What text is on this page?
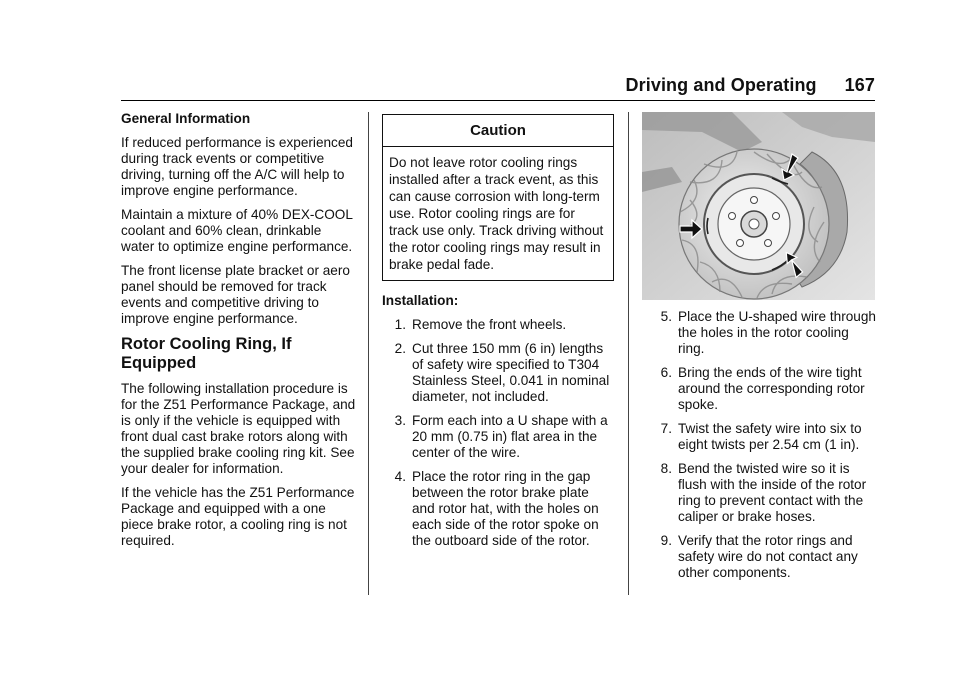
Driving and Operating 167
General Information

If reduced performance is experienced during track events or competitive driving, turning off the A/C will help to improve engine performance.

Maintain a mixture of 40% DEX-COOL coolant and 60% clean, drinkable water to optimize engine performance.

The front license plate bracket or aero panel should be removed for track events and competitive driving to improve engine performance.

Rotor Cooling Ring, If Equipped

The following installation procedure is for the Z51 Performance Package, and is only if the vehicle is equipped with front dual cast brake rotors along with the supplied brake cooling ring kit. See your dealer for information.

If the vehicle has the Z51 Performance Package and equipped with a one piece brake rotor, a cooling ring is not required.

Caution
Do not leave rotor cooling rings installed after a track event, as this can cause corrosion with long-term use. Rotor cooling rings are for track use only. Track driving without the rotor cooling rings may result in brake pedal fade.
Installation:
1. Remove the front wheels.
2. Cut three 150 mm (6 in) lengths of safety wire specified to T304 Stainless Steel, 0.041 in nominal diameter, not included.
3. Form each into a U shape with a 20 mm (0.75 in) flat area in the center of the wire.
4. Place the rotor ring in the gap between the rotor brake plate and rotor hat, with the holes on each side of the rotor spoke on the outboard side of the rotor.
5. Place the U-shaped wire through the holes in the rotor cooling ring.
6. Bring the ends of the wire tight around the corresponding rotor spoke.
7. Twist the safety wire into six to eight twists per 2.54 cm (1 in).
8. Bend the twisted wire so it is flush with the inside of the rotor ring to prevent contact with the caliper or brake hoses.
9. Verify that the rotor rings and safety wire do not contact any other components.
